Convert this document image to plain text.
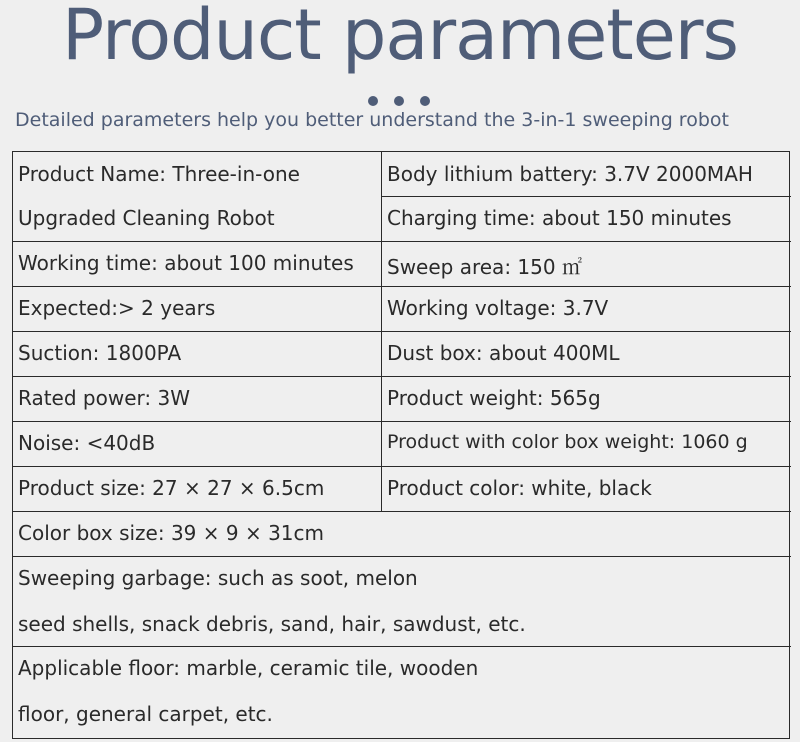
Product parameters
Detailed parameters help you better understand the 3-in-1 sweeping robot
Product Name: Three-in-one
Upgraded Cleaning Robot
Working time: about 100 minutes
Expected:> 2 years
Suction: 1800PA
Rated power: 3W
Noise: <40dB
Product size: 27 × 27 × 6.5cm
Body lithium battery: 3.7V 2000MAH
Charging time: about 150 minutes
Sweep area: 150 ㎡
Working voltage: 3.7V
Dust box: about 400ML
Product weight: 565g
Product with color box weight: 1060 g
Product color: white, black
Color box size: 39 × 9 × 31cm
Sweeping garbage: such as soot, melon
seed shells, snack debris, sand, hair, sawdust, etc.
Applicable floor: marble, ceramic tile, wooden
floor, general carpet, etc.
